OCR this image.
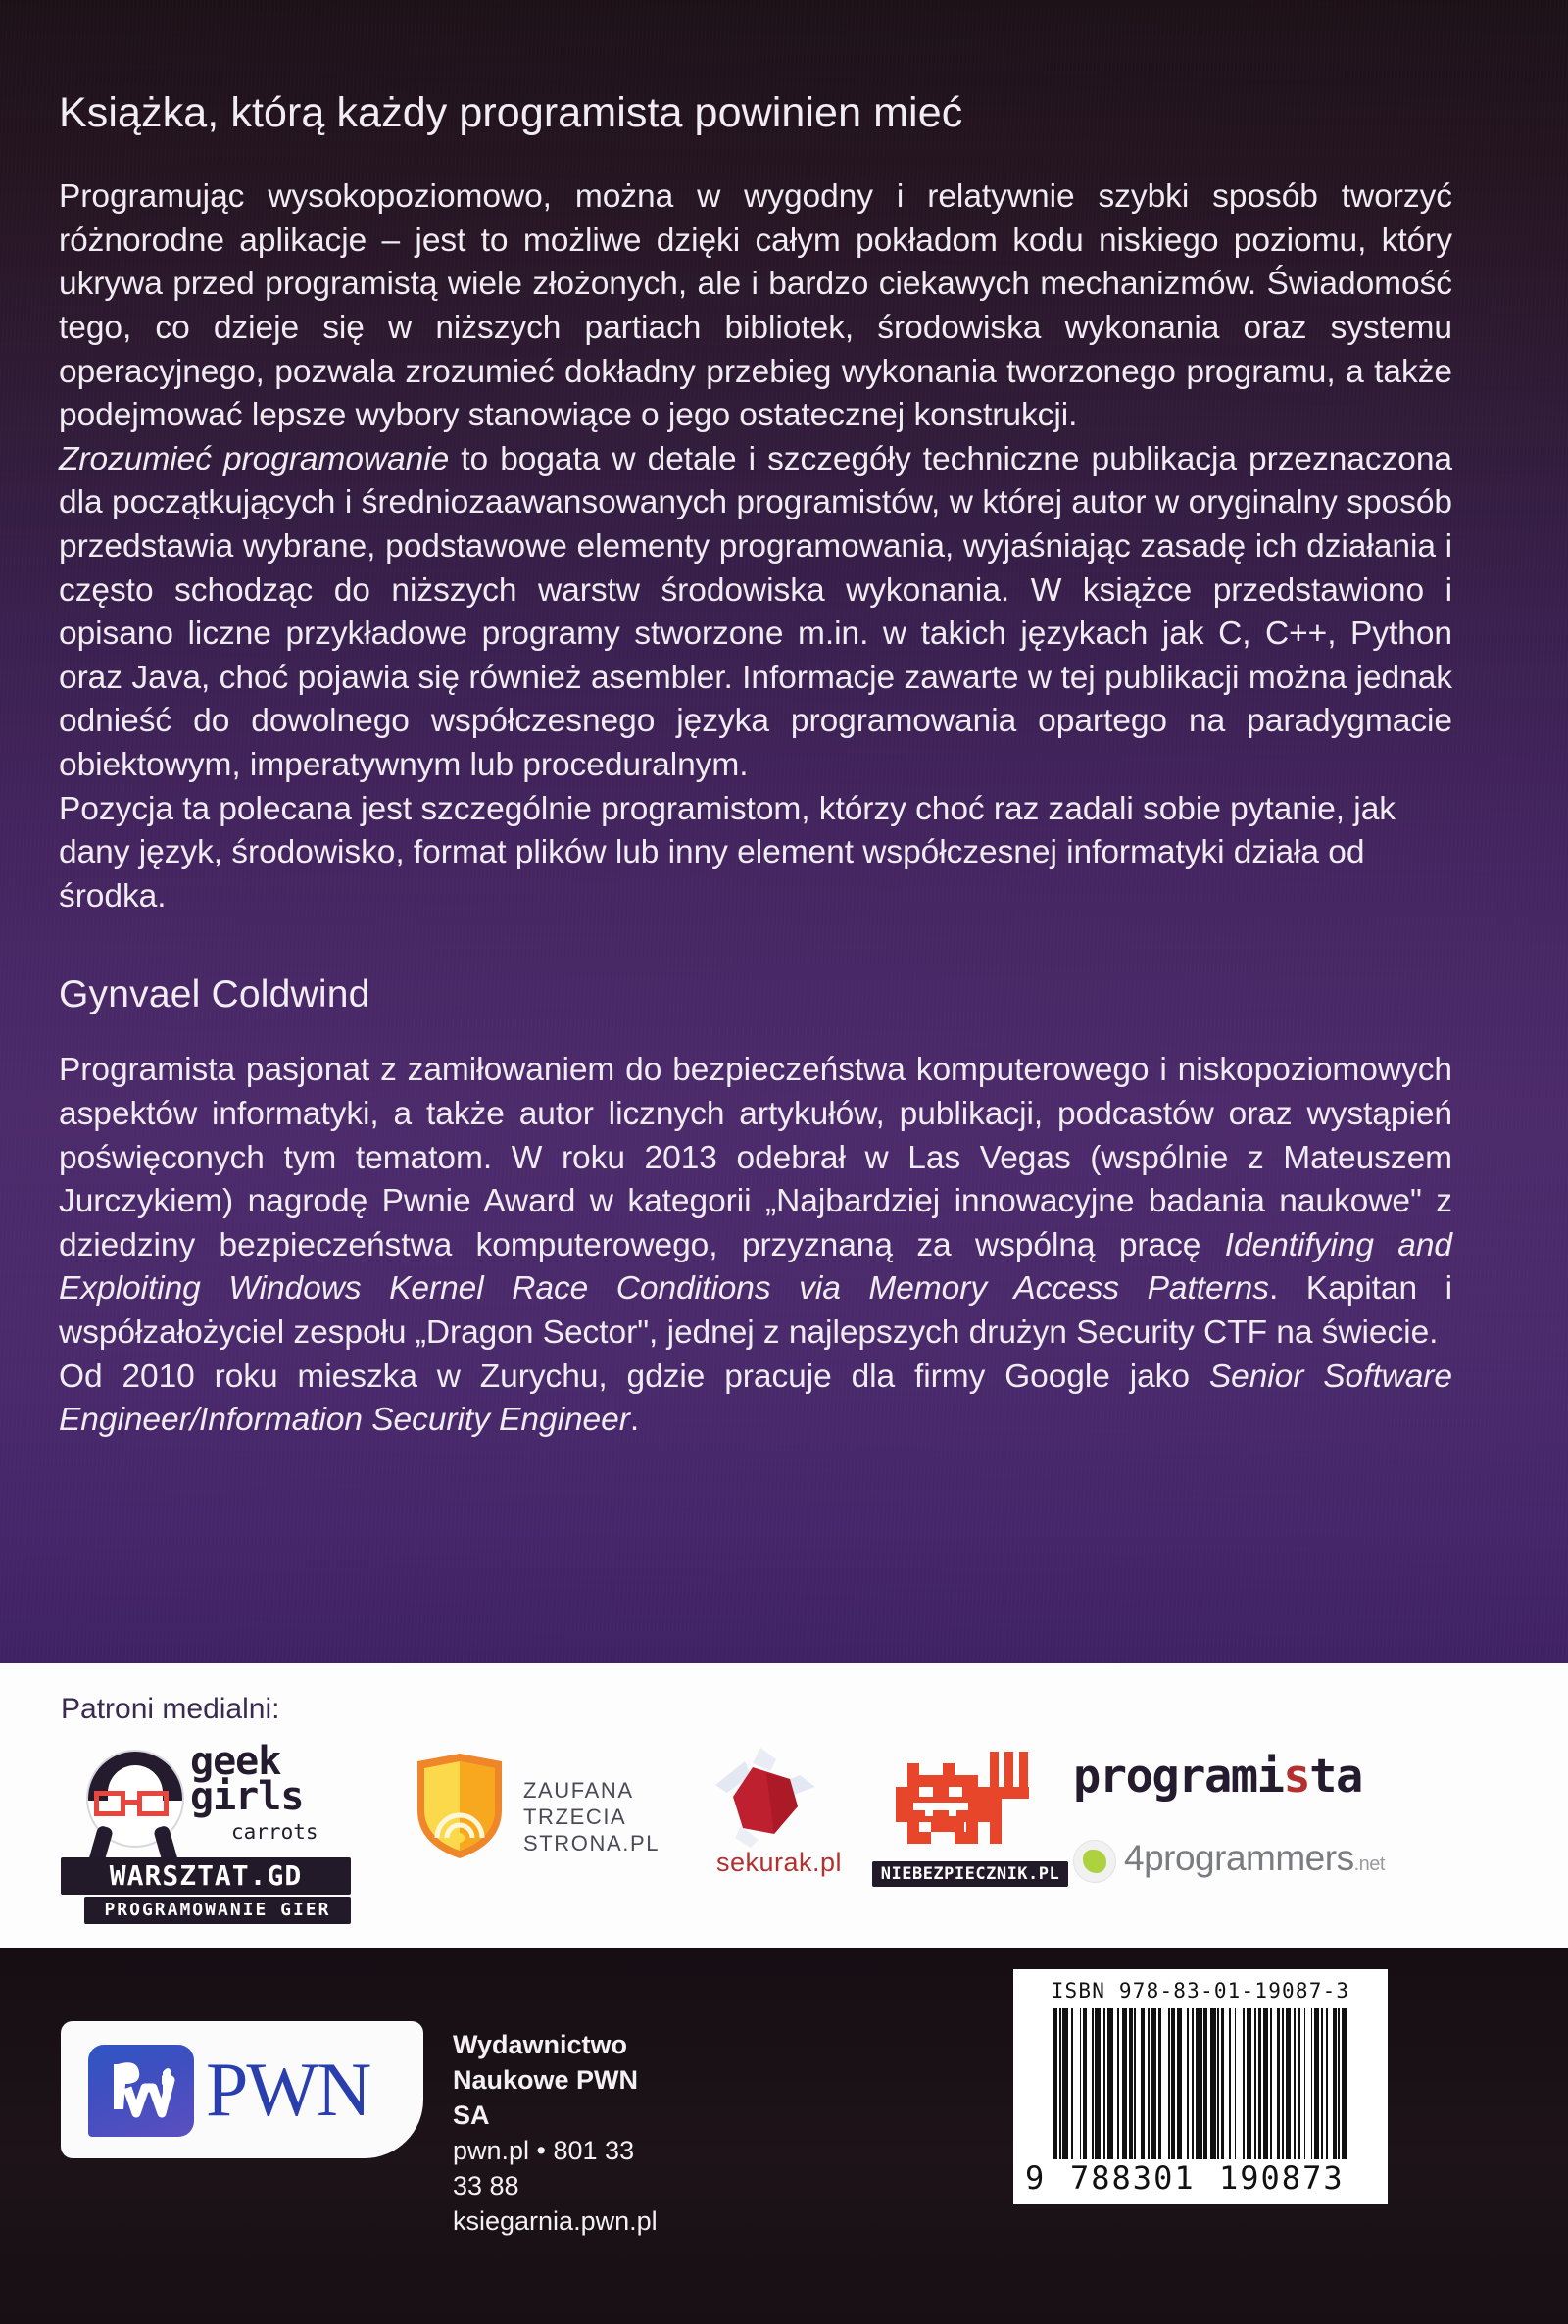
Książka, którą każdy programista powinien mieć

Programując wysokopoziomowo, można w wygodny i relatywnie szybki sposób tworzyć różnorodne aplikacje – jest to możliwe dzięki całym pokładom kodu niskiego poziomu, który ukrywa przed programistą wiele złożonych, ale i bardzo ciekawych mechanizmów. Świadomość tego, co dzieje się w niższych partiach bibliotek, środowiska wykonania oraz systemu operacyjnego, pozwala zrozumieć dokładny przebieg wykonania tworzonego programu, a także podejmować lepsze wybory stanowiące o jego ostatecznej konstrukcji.

Zrozumieć programowanie to bogata w detale i szczegóły techniczne publikacja przeznaczona dla początkujących i średniozaawansowanych programistów, w której autor w oryginalny sposób przedstawia wybrane, podstawowe elementy programowania, wyjaśniając zasadę ich działania i często schodząc do niższych warstw środowiska wykonania. W książce przedstawiono i opisano liczne przykładowe programy stworzone m.in. w takich językach jak C, C++, Python oraz Java, choć pojawia się również asembler. Informacje zawarte w tej publikacji można jednak odnieść do dowolnego współczesnego języka programowania opartego na paradygmacie obiektowym, imperatywnym lub proceduralnym.

Pozycja ta polecana jest szczególnie programistom, którzy choć raz zadali sobie pytanie, jak dany język, środowisko, format plików lub inny element współczesnej informatyki działa od środka.

Gynvael Coldwind

Programista pasjonat z zamiłowaniem do bezpieczeństwa komputerowego i niskopoziomowych aspektów informatyki, a także autor licznych artykułów, publikacji, podcastów oraz wystąpień poświęconych tym tematom. W roku 2013 odebrał w Las Vegas (wspólnie z Mateuszem Jurczykiem) nagrodę Pwnie Award w kategorii „Najbardziej innowacyjne badania naukowe" z dziedziny bezpieczeństwa komputerowego, przyznaną za wspólną pracę Identifying and Exploiting Windows Kernel Race Conditions via Memory Access Patterns. Kapitan i współzałożyciel zespołu „Dragon Sector", jednej z najlepszych drużyn Security CTF na świecie.

Od 2010 roku mieszka w Zurychu, gdzie pracuje dla firmy Google jako Senior Software Engineer/Information Security Engineer.

Patroni medialni:
geek
girls
carrots
WARSZTAT.GD
PROGRAMOWANIE GIER
ZAUFANA
TRZECIA
STRONA.PL
sekurak.pl	NIEBEZPIECZNIK.PL
programista
4programmers.net
PWN
Wydawnictwo
Naukowe PWN SA
pwn.pl • 801 33 33 88
ksiegarnia.pwn.pl
ISBN 978-83-01-19087-3
9 788301 190873
